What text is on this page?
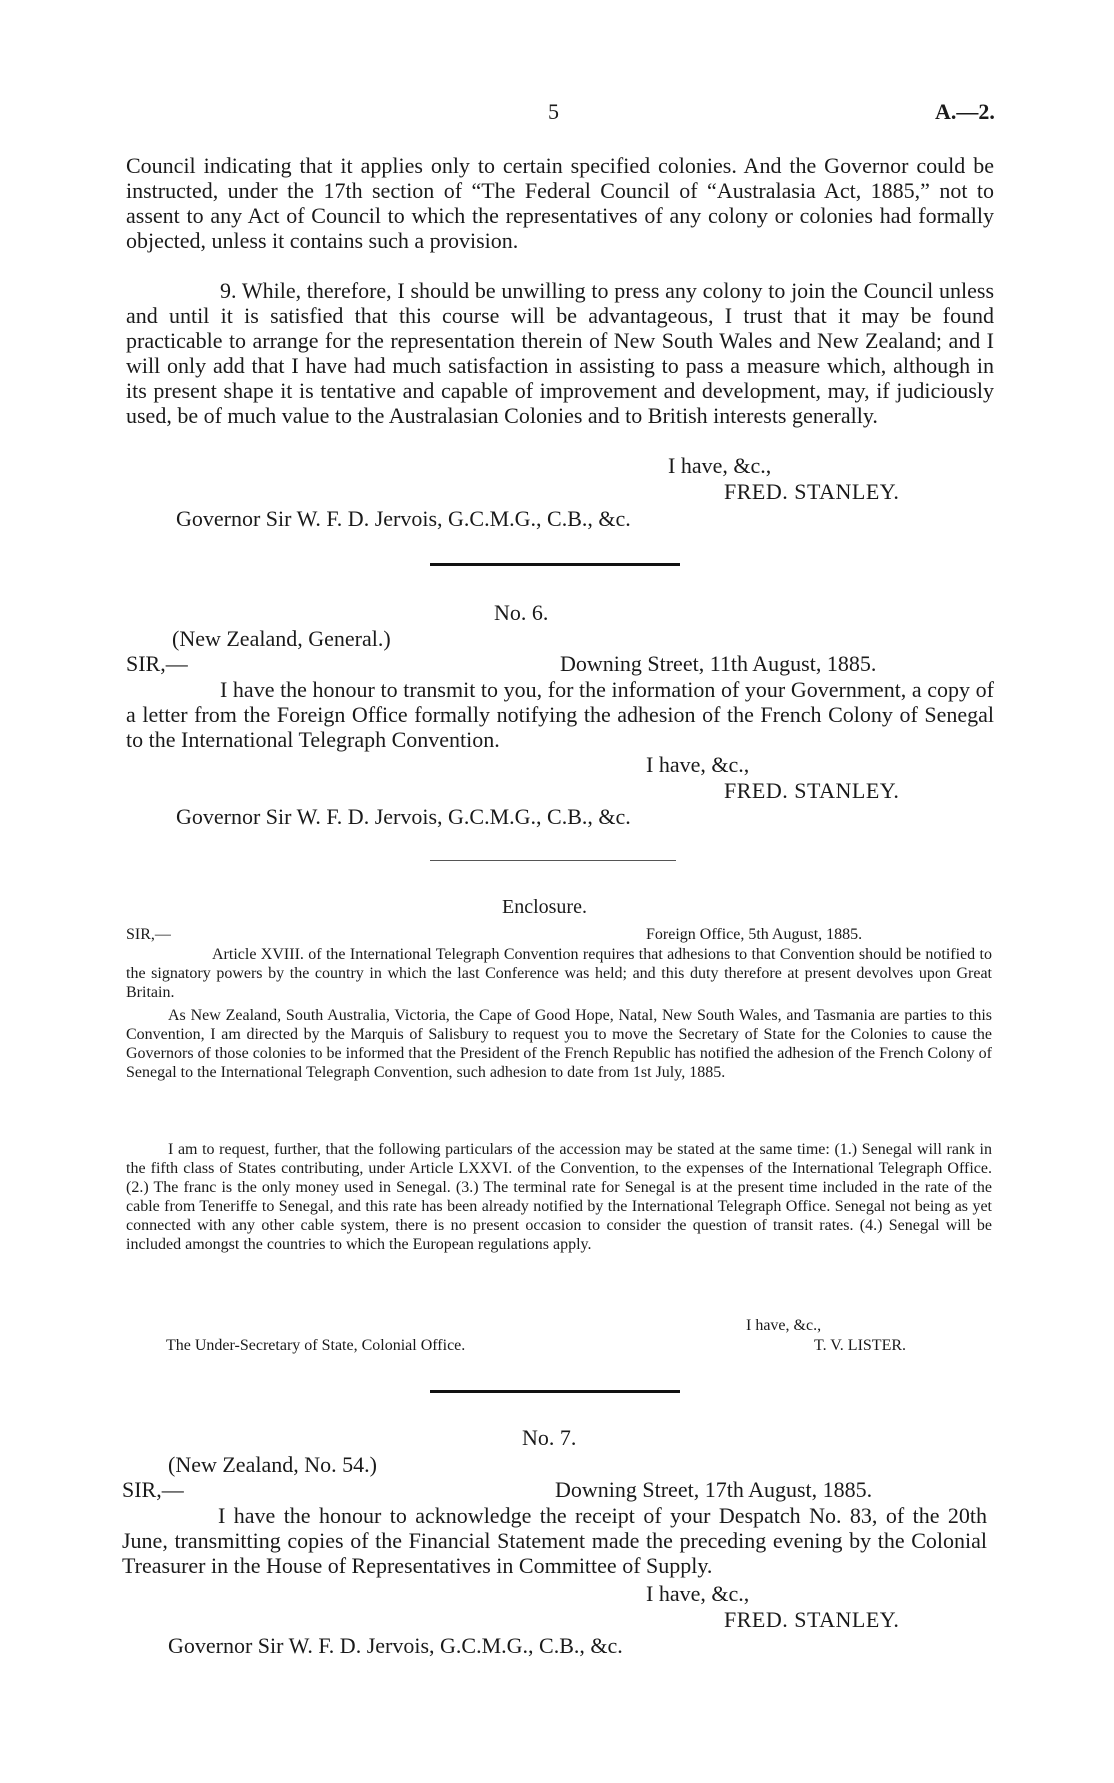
5	A.—2.
Council indicating that it applies only to certain specified colonies. And the Governor could be instructed, under the 17th section of “The Federal Council of “Australasia Act, 1885,” not to assent to any Act of Council to which the representatives of any colony or colonies had formally objected, unless it contains such a provision.
9. While, therefore, I should be unwilling to press any colony to join the Council unless and until it is satisfied that this course will be advantageous, I trust that it may be found practicable to arrange for the representation therein of New South Wales and New Zealand; and I will only add that I have had much satisfaction in assisting to pass a measure which, although in its present shape it is tentative and capable of improvement and development, may, if judiciously used, be of much value to the Australasian Colonies and to British interests generally.
I have, &c.,
FRED. STANLEY.
Governor Sir W. F. D. Jervois, G.C.M.G., C.B., &c.
No. 6.
(New Zealand, General.)
SIR,—	Downing Street, 11th August, 1885.
I have the honour to transmit to you, for the information of your Government, a copy of a letter from the Foreign Office formally notifying the adhesion of the French Colony of Senegal to the International Telegraph Convention.
I have, &c.,
FRED. STANLEY.
Governor Sir W. F. D. Jervois, G.C.M.G., C.B., &c.
Enclosure.
SIR,—	Foreign Office, 5th August, 1885.
Article XVIII. of the International Telegraph Convention requires that adhesions to that Convention should be notified to the signatory powers by the country in which the last Conference was held; and this duty therefore at present devolves upon Great Britain.
As New Zealand, South Australia, Victoria, the Cape of Good Hope, Natal, New South Wales, and Tasmania are parties to this Convention, I am directed by the Marquis of Salisbury to request you to move the Secretary of State for the Colonies to cause the Governors of those colonies to be informed that the President of the French Republic has notified the adhesion of the French Colony of Senegal to the International Telegraph Convention, such adhesion to date from 1st July, 1885.
I am to request, further, that the following particulars of the accession may be stated at the same time: (1.) Senegal will rank in the fifth class of States contributing, under Article LXXVI. of the Convention, to the expenses of the International Telegraph Office. (2.) The franc is the only money used in Senegal. (3.) The terminal rate for Senegal is at the present time included in the rate of the cable from Teneriffe to Senegal, and this rate has been already notified by the International Telegraph Office. Senegal not being as yet connected with any other cable system, there is no present occasion to consider the question of transit rates. (4.) Senegal will be included amongst the countries to which the European regulations apply.
I have, &c.,
The Under-Secretary of State, Colonial Office.	T. V. LISTER.
No. 7.
(New Zealand, No. 54.)
SIR,—	Downing Street, 17th August, 1885.
I have the honour to acknowledge the receipt of your Despatch No. 83, of the 20th June, transmitting copies of the Financial Statement made the preceding evening by the Colonial Treasurer in the House of Representatives in Committee of Supply.
I have, &c.,
FRED. STANLEY.
Governor Sir W. F. D. Jervois, G.C.M.G., C.B., &c.
